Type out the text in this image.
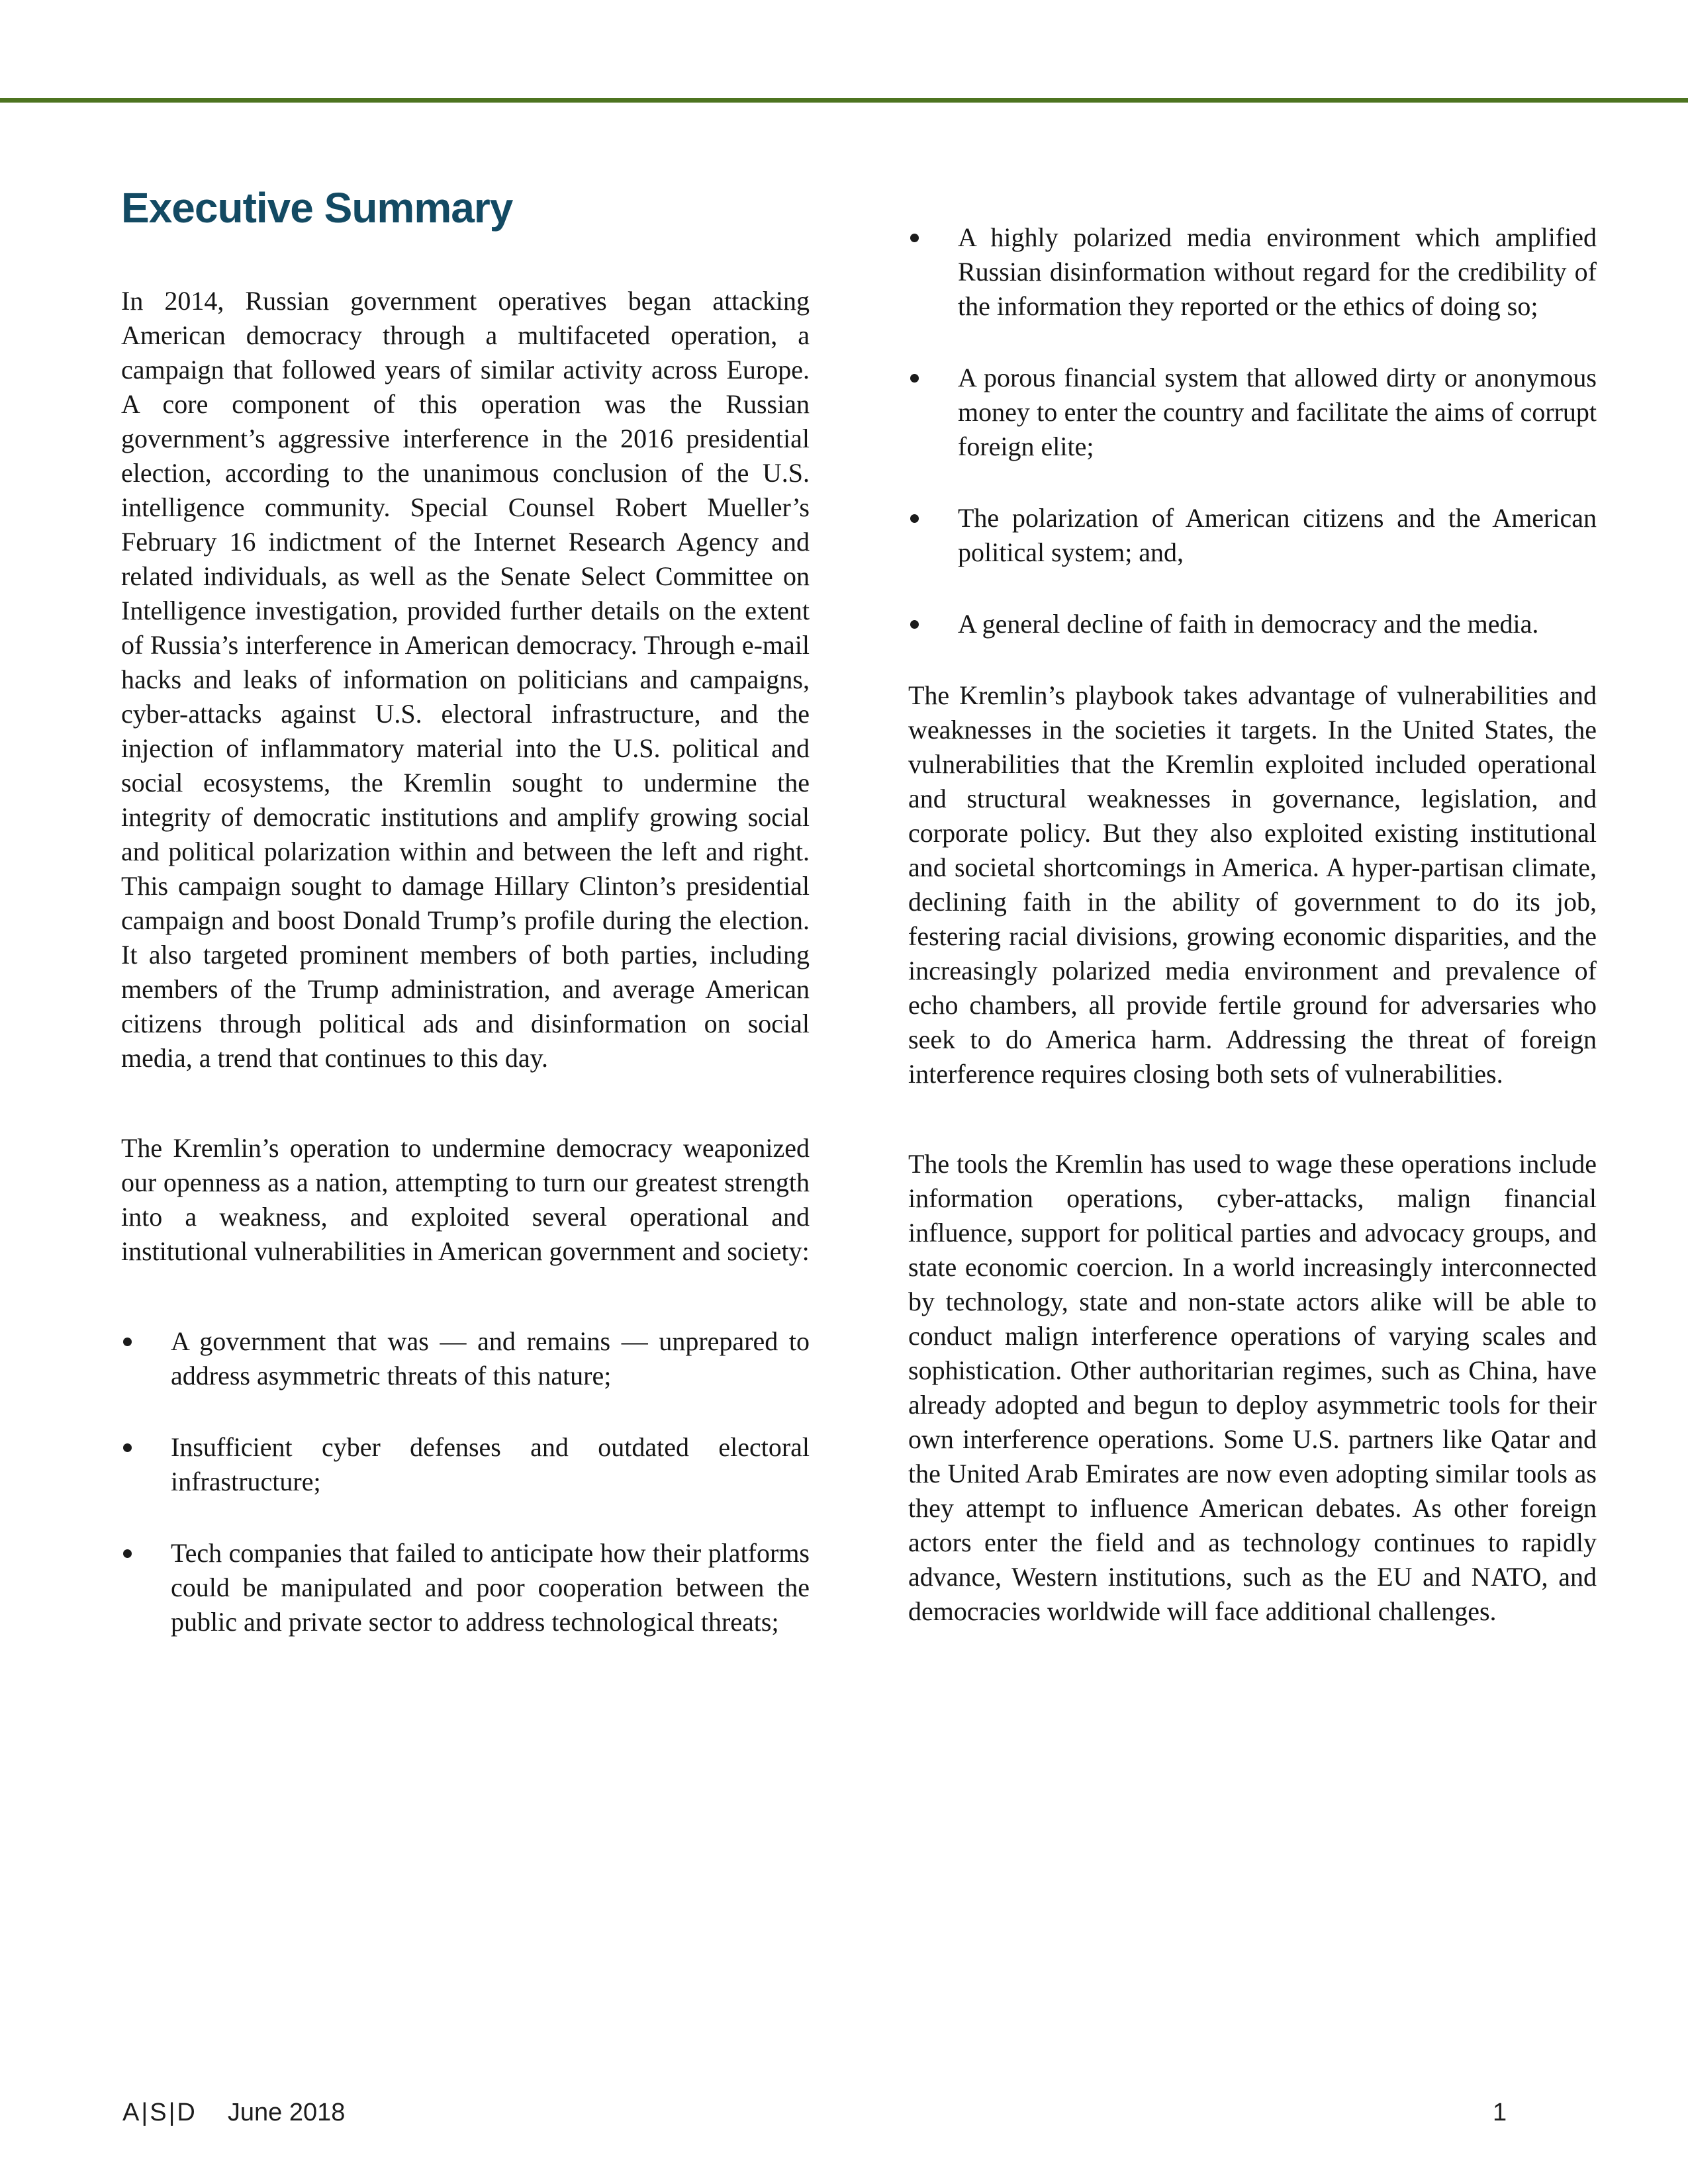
Executive Summary

In 2014, Russian government operatives began attacking American democracy through a multifaceted operation, a campaign that followed years of similar activity across Europe. A core component of this operation was the Russian government’s aggressive interference in the 2016 presidential election, according to the unanimous conclusion of the U.S. intelligence community. Special Counsel Robert Mueller’s February 16 indictment of the Internet Research Agency and related individuals, as well as the Senate Select Committee on Intelligence investigation, provided further details on the extent of Russia’s interference in American democracy. Through e-mail hacks and leaks of information on politicians and campaigns, cyber-attacks against U.S. electoral infrastructure, and the injection of inflammatory material into the U.S. political and social ecosystems, the Kremlin sought to undermine the integrity of democratic institutions and amplify growing social and political polarization within and between the left and right. This campaign sought to damage Hillary Clinton’s presidential campaign and boost Donald Trump’s profile during the election. It also targeted prominent members of both parties, including members of the Trump administration, and average American citizens through political ads and disinformation on social media, a trend that continues to this day.

The Kremlin’s operation to undermine democracy weaponized our openness as a nation, attempting to turn our greatest strength into a weakness, and exploited several operational and institutional vulnerabilities in American government and society:

A government that was — and remains — unprepared to address asymmetric threats of this nature;

Insufficient cyber defenses and outdated electoral infrastructure;

Tech companies that failed to anticipate how their platforms could be manipulated and poor cooperation between the public and private sector to address technological threats;

A highly polarized media environment which amplified Russian disinformation without regard for the credibility of the information they reported or the ethics of doing so;

A porous financial system that allowed dirty or anonymous money to enter the country and facilitate the aims of corrupt foreign elite;

The polarization of American citizens and the American political system; and,

A general decline of faith in democracy and the media.

The Kremlin’s playbook takes advantage of vulnerabilities and weaknesses in the societies it targets. In the United States, the vulnerabilities that the Kremlin exploited included operational and structural weaknesses in governance, legislation, and corporate policy. But they also exploited existing institutional and societal shortcomings in America. A hyper-partisan climate, declining faith in the ability of government to do its job, festering racial divisions, growing economic disparities, and the increasingly polarized media environment and prevalence of echo chambers, all provide fertile ground for adversaries who seek to do America harm. Addressing the threat of foreign interference requires closing both sets of vulnerabilities.

The tools the Kremlin has used to wage these operations include information operations, cyber-attacks, malign financial influence, support for political parties and advocacy groups, and state economic coercion. In a world increasingly interconnected by technology, state and non-state actors alike will be able to conduct malign interference operations of varying scales and sophistication. Other authoritarian regimes, such as China, have already adopted and begun to deploy asymmetric tools for their own interference operations. Some U.S. partners like Qatar and the United Arab Emirates are now even adopting similar tools as they attempt to influence American debates. As other foreign actors enter the field and as technology continues to rapidly advance, Western institutions, such as the EU and NATO, and democracies worldwide will face additional challenges.

A|S|D June 2018	1
